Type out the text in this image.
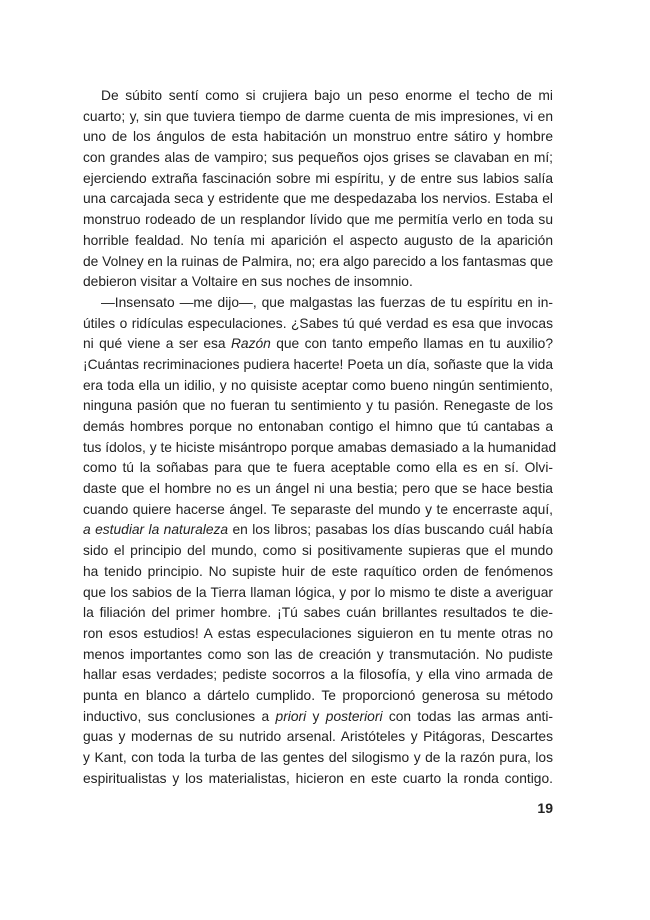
De súbito sentí como si crujiera bajo un peso enorme el techo de mi
cuarto; y, sin que tuviera tiempo de darme cuenta de mis impresiones, vi en
uno de los ángulos de esta habitación un monstruo entre sátiro y hombre
con grandes alas de vampiro; sus pequeños ojos grises se clavaban en mí;
ejerciendo extraña fascinación sobre mi espíritu, y de entre sus labios salía
una carcajada seca y estridente que me despedazaba los nervios. Estaba el
monstruo rodeado de un resplandor lívido que me permitía verlo en toda su
horrible fealdad. No tenía mi aparición el aspecto augusto de la aparición
de Volney en la ruinas de Palmira, no; era algo parecido a los fantasmas que
debieron visitar a Voltaire en sus noches de insomnio.
—Insensato —me dijo—, que malgastas las fuerzas de tu espíritu en in-
útiles o ridículas especulaciones. ¿Sabes tú qué verdad es esa que invocas
ni qué viene a ser esa Razón que con tanto empeño llamas en tu auxilio?
¡Cuántas recriminaciones pudiera hacerte! Poeta un día, soñaste que la vida
era toda ella un idilio, y no quisiste aceptar como bueno ningún sentimiento,
ninguna pasión que no fueran tu sentimiento y tu pasión. Renegaste de los
demás hombres porque no entonaban contigo el himno que tú cantabas a
tus ídolos, y te hiciste misántropo porque amabas demasiado a la humanidad
como tú la soñabas para que te fuera aceptable como ella es en sí. Olvi-
daste que el hombre no es un ángel ni una bestia; pero que se hace bestia
cuando quiere hacerse ángel. Te separaste del mundo y te encerraste aquí,
a estudiar la naturaleza en los libros; pasabas los días buscando cuál había
sido el principio del mundo, como si positivamente supieras que el mundo
ha tenido principio. No supiste huir de este raquítico orden de fenómenos
que los sabios de la Tierra llaman lógica, y por lo mismo te diste a averiguar
la filiación del primer hombre. ¡Tú sabes cuán brillantes resultados te die-
ron esos estudios! A estas especulaciones siguieron en tu mente otras no
menos importantes como son las de creación y transmutación. No pudiste
hallar esas verdades; pediste socorros a la filosofía, y ella vino armada de
punta en blanco a dártelo cumplido. Te proporcionó generosa su método
inductivo, sus conclusiones a priori y posteriori con todas las armas anti-
guas y modernas de su nutrido arsenal. Aristóteles y Pitágoras, Descartes
y Kant, con toda la turba de las gentes del silogismo y de la razón pura, los
espiritualistas y los materialistas, hicieron en este cuarto la ronda contigo.
19
